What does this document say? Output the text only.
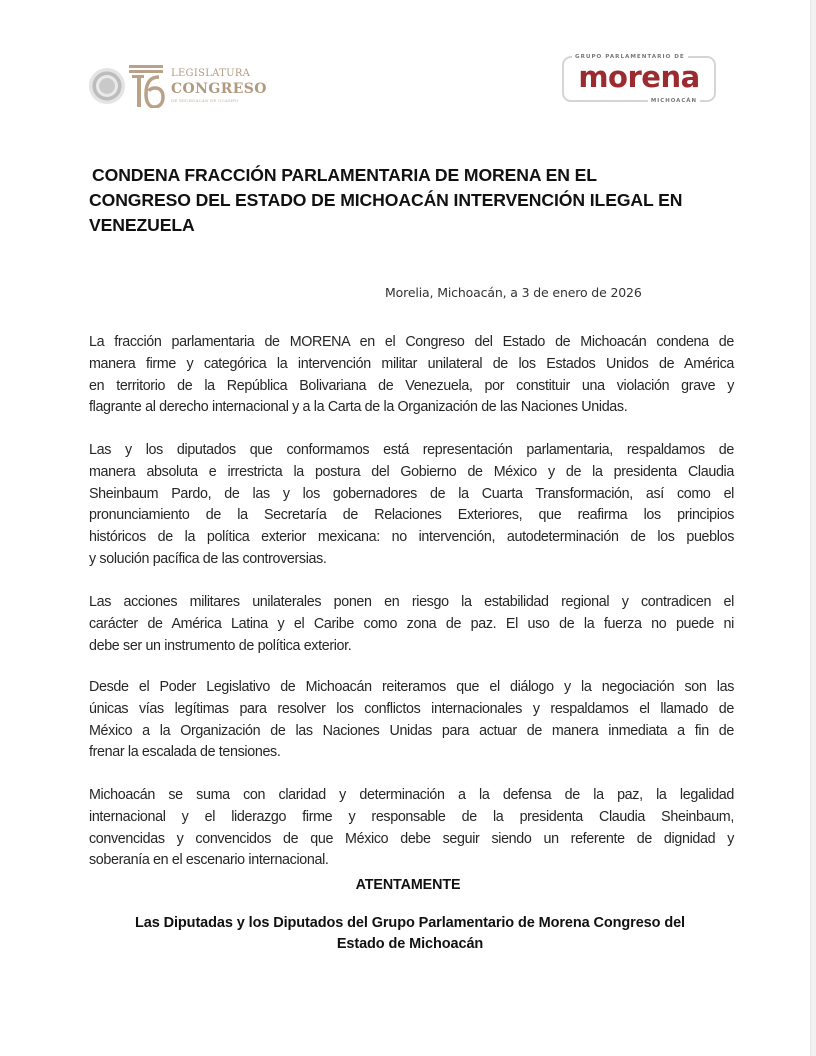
LEGISLATURA
CONGRESO
DE MICHOACÁN DE OCAMPO
GRUPO PARLAMENTARIO DE
morena
MICHOACÁN
CONDENA FRACCIÓN PARLAMENTARIA DE MORENA EN EL
CONGRESO DEL ESTADO DE MICHOACÁN INTERVENCIÓN ILEGAL EN
VENEZUELA
Morelia, Michoacán, a 3 de enero de 2026

La fracción parlamentaria de MORENA en el Congreso del Estado de Michoacán condena de
manera firme y categórica la intervención militar unilateral de los Estados Unidos de América
en territorio de la República Bolivariana de Venezuela, por constituir una violación grave y
flagrante al derecho internacional y a la Carta de la Organización de las Naciones Unidas.

Las y los diputados que conformamos está representación parlamentaria, respaldamos de
manera absoluta e irrestricta la postura del Gobierno de México y de la presidenta Claudia
Sheinbaum Pardo, de las y los gobernadores de la Cuarta Transformación, así como el
pronunciamiento de la Secretaría de Relaciones Exteriores, que reafirma los principios
históricos de la política exterior mexicana: no intervención, autodeterminación de los pueblos
y solución pacífica de las controversias.

Las acciones militares unilaterales ponen en riesgo la estabilidad regional y contradicen el
carácter de América Latina y el Caribe como zona de paz. El uso de la fuerza no puede ni
debe ser un instrumento de política exterior.

Desde el Poder Legislativo de Michoacán reiteramos que el diálogo y la negociación son las
únicas vías legítimas para resolver los conflictos internacionales y respaldamos el llamado de
México a la Organización de las Naciones Unidas para actuar de manera inmediata a fin de
frenar la escalada de tensiones.

Michoacán se suma con claridad y determinación a la defensa de la paz, la legalidad
internacional y el liderazgo firme y responsable de la presidenta Claudia Sheinbaum,
convencidas y convencidos de que México debe seguir siendo un referente de dignidad y
soberanía en el escenario internacional.

ATENTAMENTE
Las Diputadas y los Diputados del Grupo Parlamentario de Morena Congreso del
Estado de Michoacán
